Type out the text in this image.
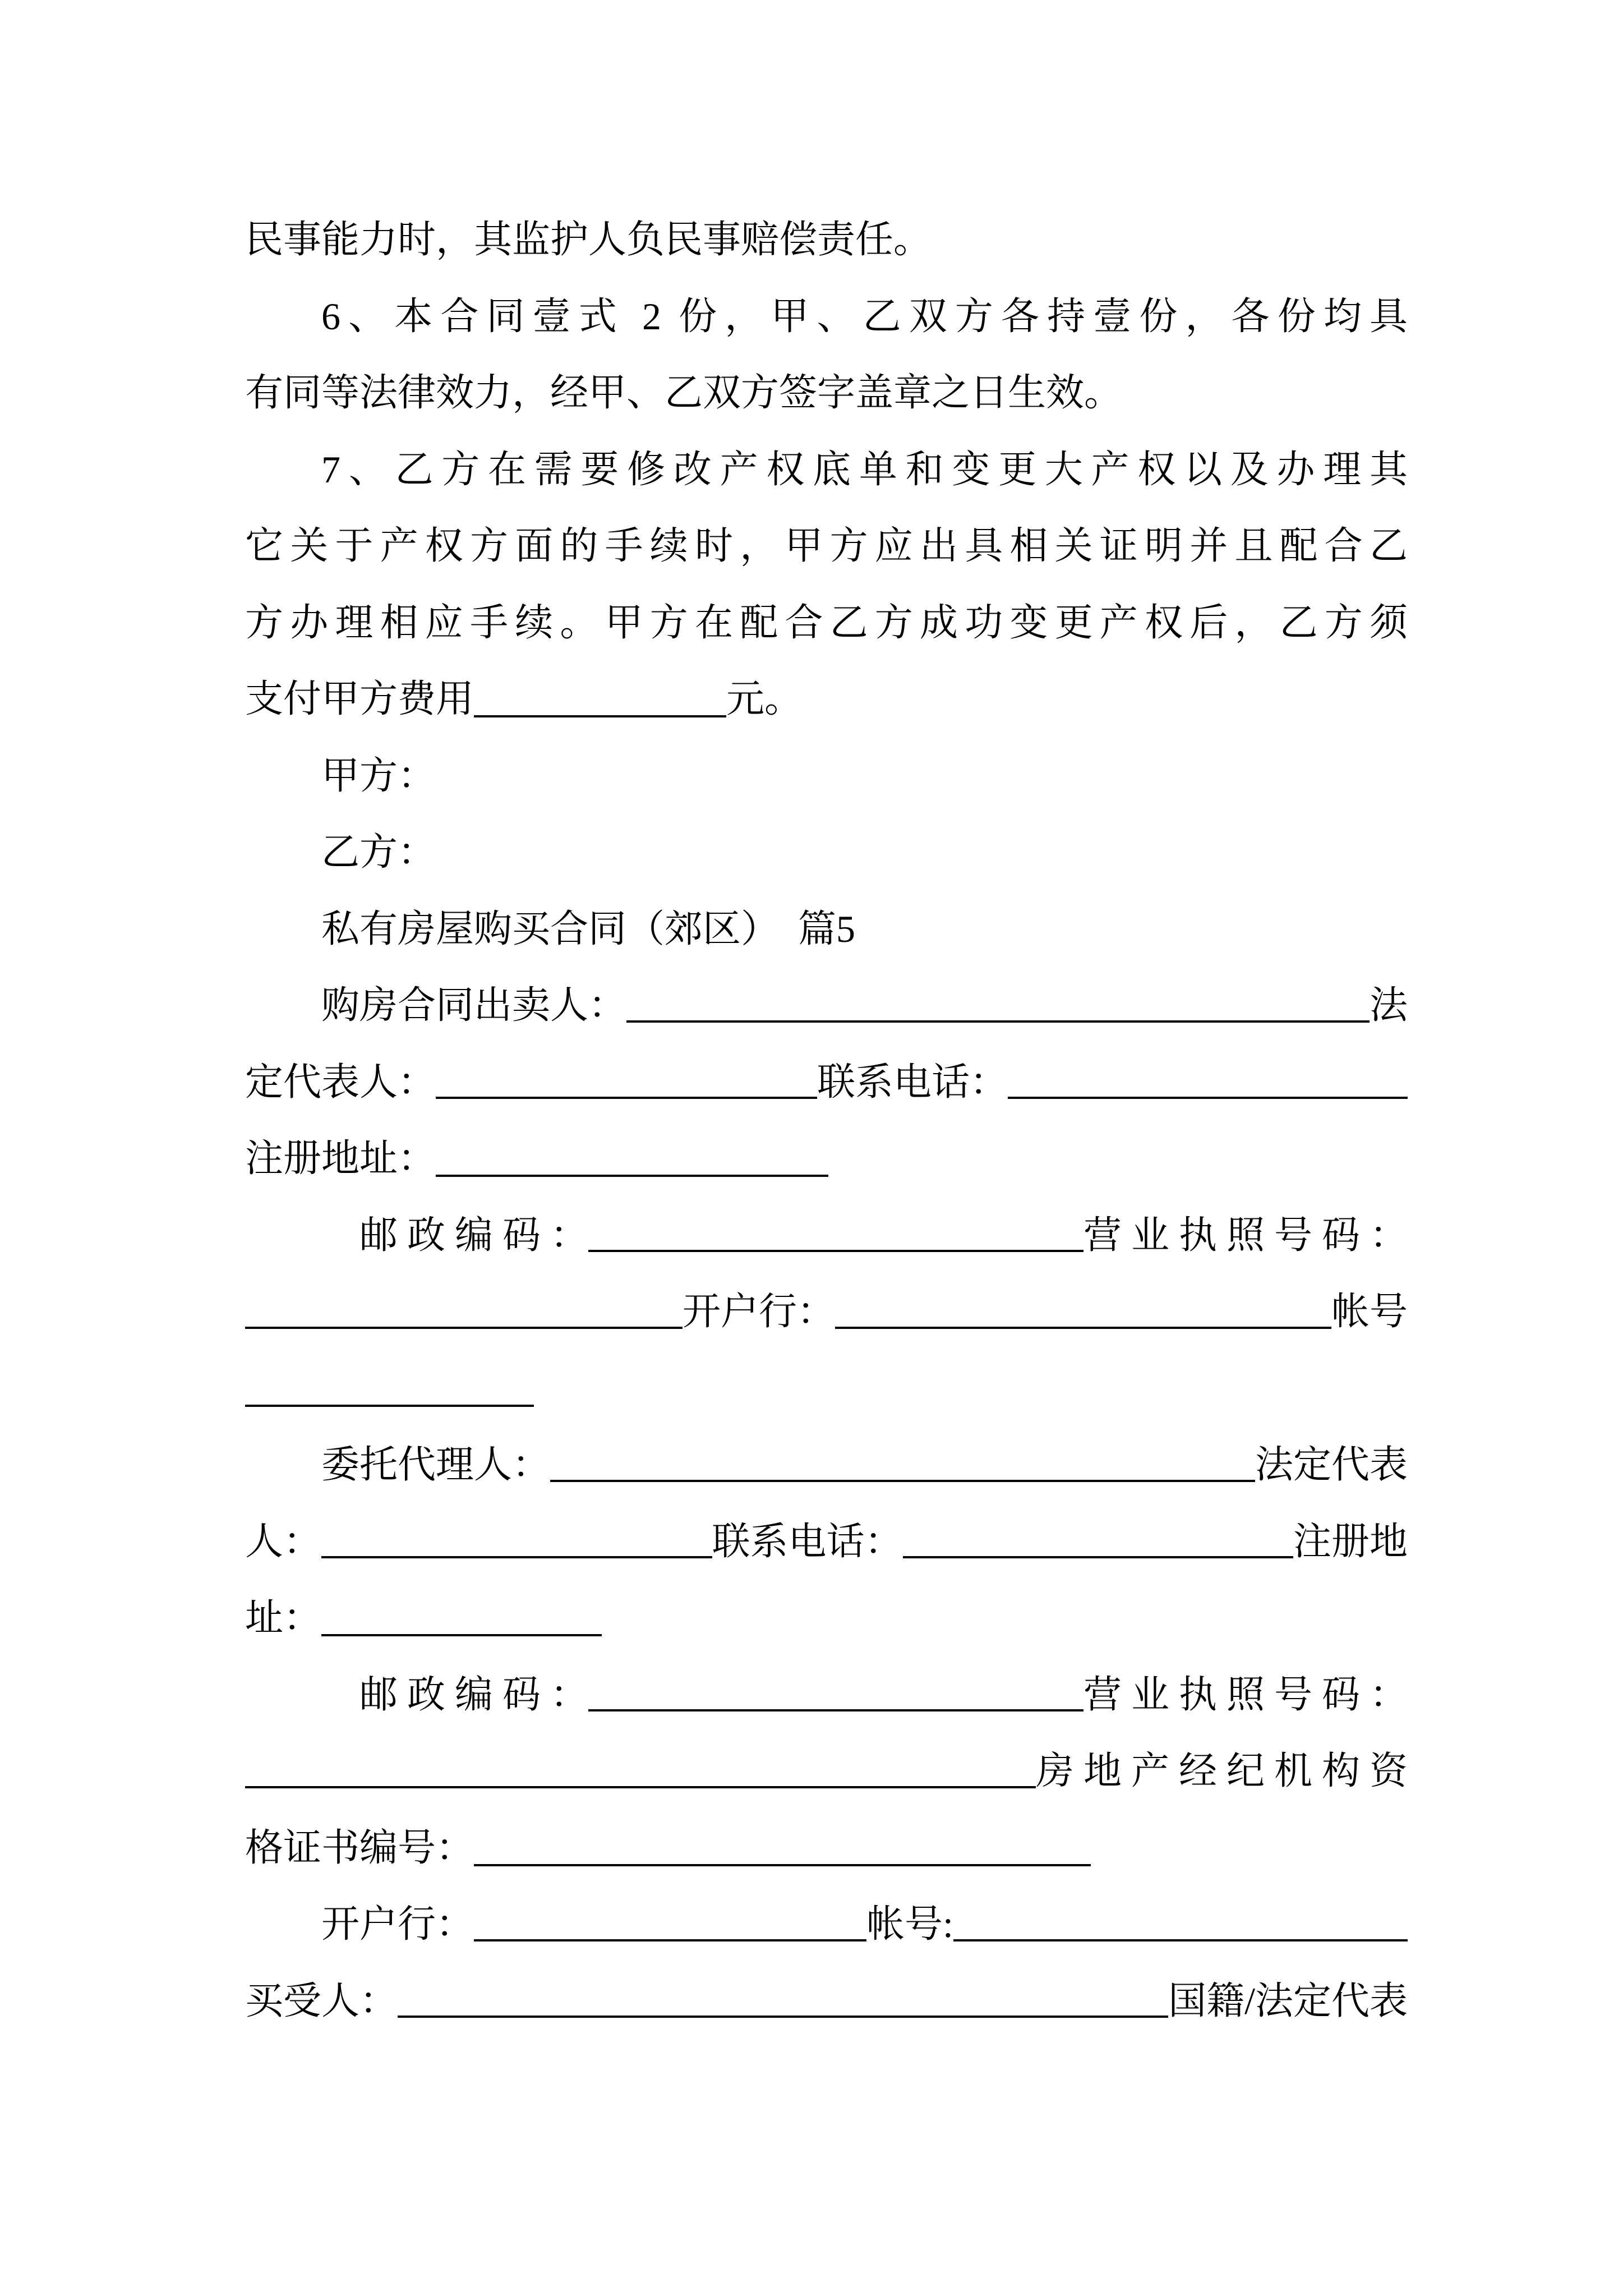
民事能力时，其监护人负民事赔偿责任。
6、本合同壹式 2 份，甲、乙双方各持壹份，各份均具
有同等法律效力，经甲、乙双方签字盖章之日生效。
7、乙方在需要修改产权底单和变更大产权以及办理其
它关于产权方面的手续时，甲方应出具相关证明并且配合乙
方办理相应手续。甲方在配合乙方成功变更产权后，乙方须
支付甲方费用	元。
甲方：
乙方：
私有房屋购买合同（郊区）　篇5
购房合同出卖人：	法
定代表人：	联系电话：
注册地址：
邮 政 编 码 ：	营 业 执 照 号 码 ：
开户行：	帐号
委托代理人：	法定代表
人：	联系电话：	注册地
址：
邮 政 编 码 ：	营 业 执 照 号 码 ：
房 地 产 经 纪 机 构 资
格证书编号：
开户行：	帐号:
买受人：	国籍/法定代表
